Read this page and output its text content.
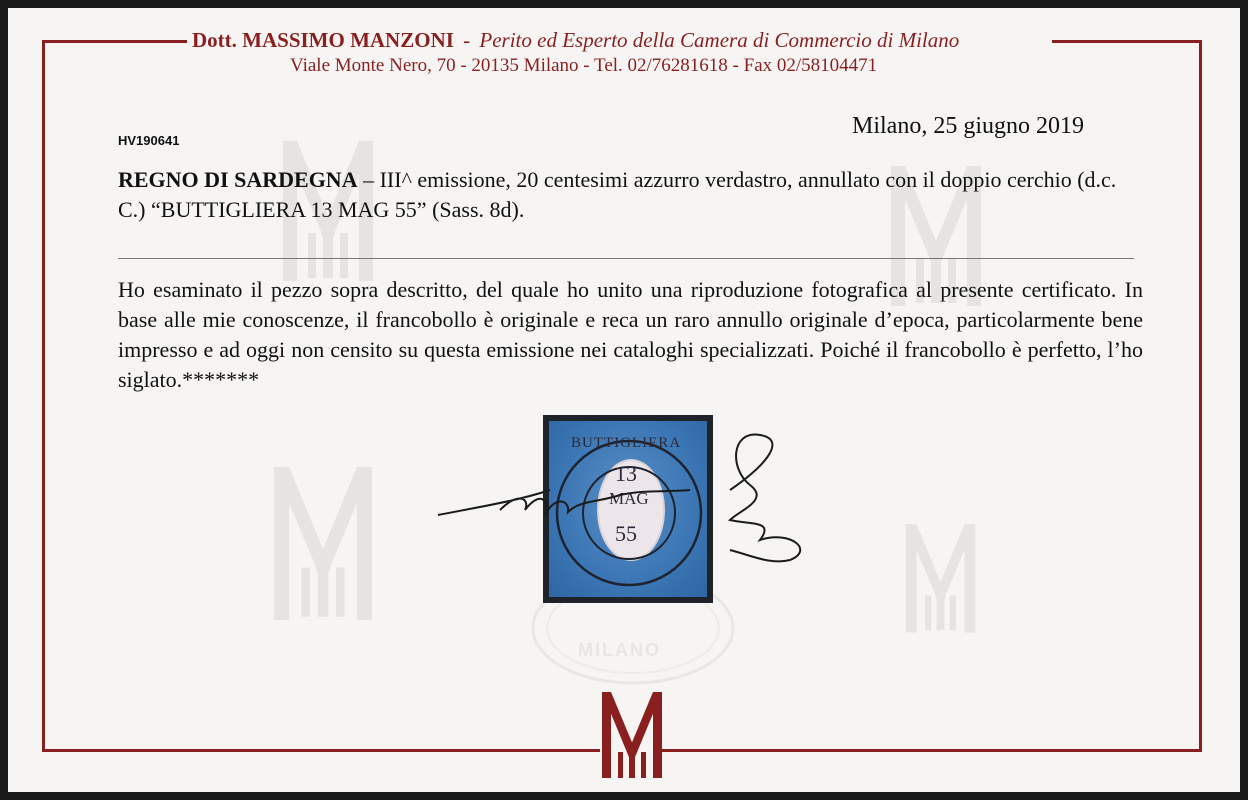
Dott. MASSIMO MANZONI - Perito ed Esperto della Camera di Commercio di Milano
Viale Monte Nero, 70 - 20135 Milano - Tel. 02/76281618 - Fax 02/58104471
HV190641
Milano, 25 giugno 2019
REGNO DI SARDEGNA – III^ emissione, 20 centesimi azzurro verdastro, annullato con il doppio cerchio (d.c. C.) “BUTTIGLIERA 13 MAG 55” (Sass. 8d).
Ho esaminato il pezzo sopra descritto, del quale ho unito una riproduzione fotografica al presente certificato. In base alle mie conoscenze, il francobollo è originale e reca un raro annullo originale d’epoca, particolarmente bene impresso e ad oggi non censito su questa emissione nei cataloghi specializzati. Poiché il francobollo è perfetto, l’ho siglato.*******
BUTTIGLIERA
13
MAG
55
MILANO
